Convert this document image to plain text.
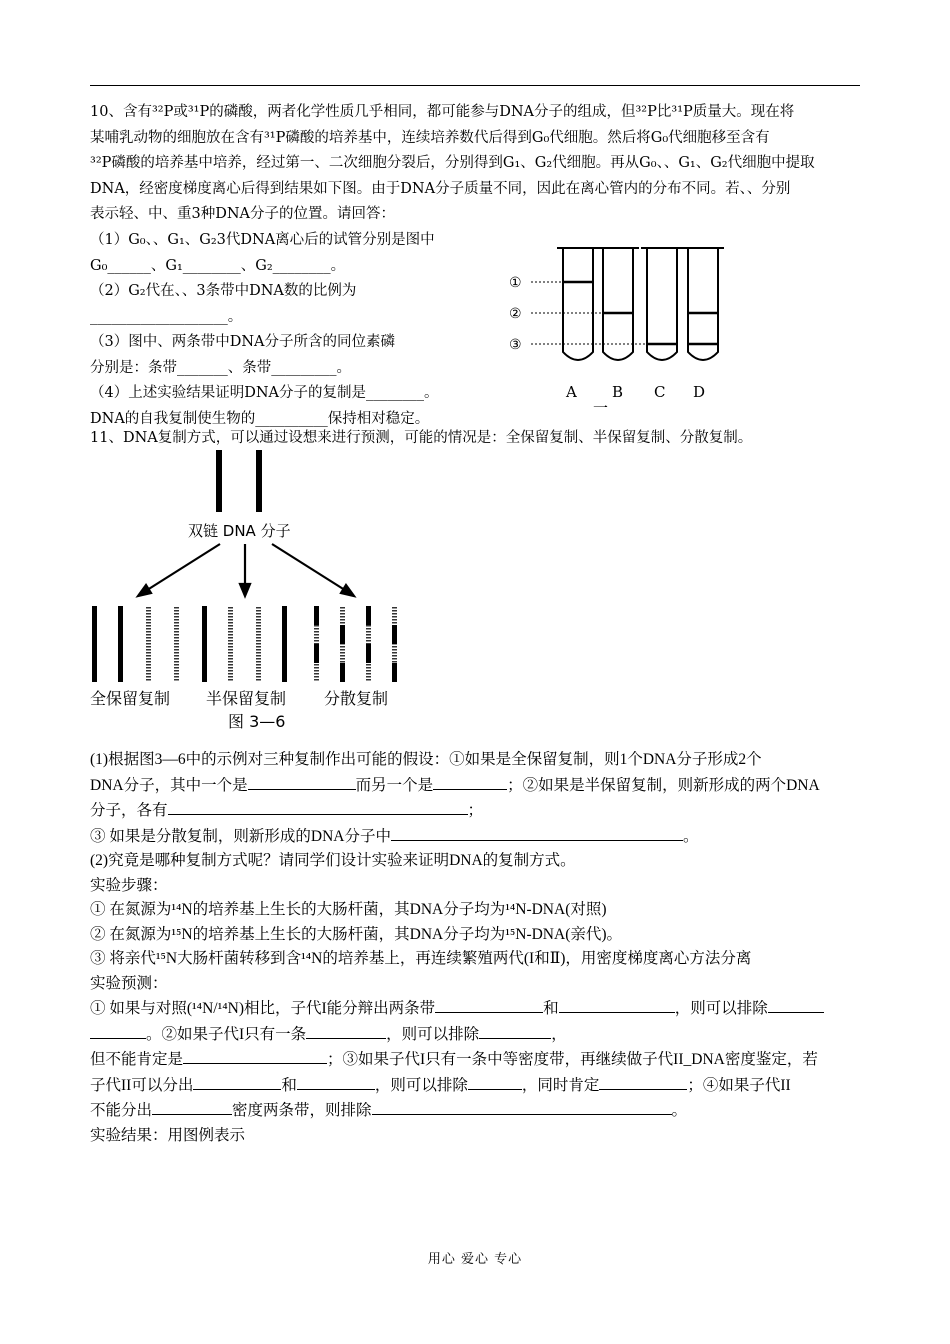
10、含有³²P或³¹P的磷酸，两者化学性质几乎相同，都可能参与DNA分子的组成，但³²P比³¹P质量大。现在将
某哺乳动物的细胞放在含有³¹P磷酸的培养基中，连续培养数代后得到G₀代细胞。然后将G₀代细胞移至含有
³²P磷酸的培养基中培养，经过第一、二次细胞分裂后，分别得到G₁、G₂代细胞。再从G₀、、G₁、G₂代细胞中提取
DNA，经密度梯度离心后得到结果如下图。由于DNA分子质量不同，因此在离心管内的分布不同。若、、分别
表示轻、中、重3种DNA分子的位置。请回答：
（1）G₀、、G₁、G₂3代DNA离心后的试管分别是图中
G₀______、G₁________、G₂________。
（2）G₂代在、、3条带中DNA数的比例为
___________________。
（3）图中、两条带中DNA分子所含的同位素磷
分别是：条带_______、条带_________。
（4）上述实验结果证明DNA分子的复制是________。
DNA的自我复制使生物的__________保持相对稳定。
①
②
③
A B C D
一
11、DNA复制方式，可以通过设想来进行预测，可能的情况是：全保留复制、半保留复制、分散复制。
双链 DNA 分子
全保留复制 半保留复制 分散复制
图 3—6
(1)根据图3—6中的示例对三种复制作出可能的假设：①如果是全保留复制，则1个DNA分子形成2个
DNA分子，其中一个是	而另一个是	；②如果是半保留复制，则新形成的两个DNA
分子，各有	；
③ 如果是分散复制，则新形成的DNA分子中	。
(2)究竟是哪种复制方式呢？请同学们设计实验来证明DNA的复制方式。
实验步骤：
① 在氮源为¹⁴N的培养基上生长的大肠杆菌，其DNA分子均为¹⁴N-DNA(对照)
② 在氮源为¹⁵N的培养基上生长的大肠杆菌，其DNA分子均为¹⁵N-DNA(亲代)。
③ 将亲代¹⁵N大肠杆菌转移到含¹⁴N的培养基上，再连续繁殖两代(I和Ⅱ)，用密度梯度离心方法分离
实验预测：
① 如果与对照(¹⁴N/¹⁴N)相比，子代I能分辩出两条带	和	，则可以排除
。②如果子代I只有一条	，则可以排除	，
但不能肯定是	；③如果子代I只有一条中等密度带，再继续做子代II_DNA密度鉴定，若
子代II可以分出	和	，则可以排除	，同时肯定	；④如果子代II
不能分出	密度两条带，则排除	。
实验结果：用图例表示
用心 爱心 专心
